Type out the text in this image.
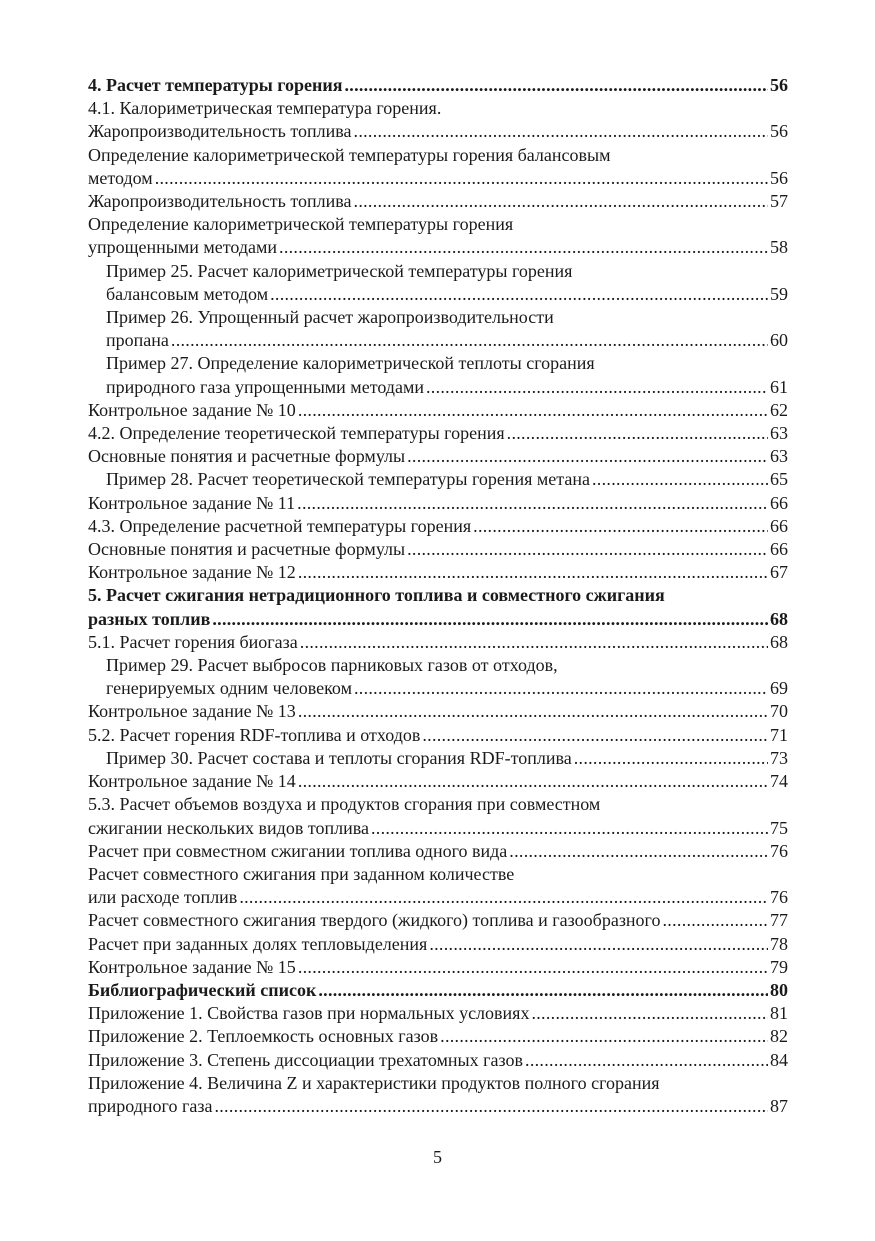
4. Расчет температуры горения .....	56
4.1. Калориметрическая температура горения.
Жаропроизводительность топлива .....	56
Определение калориметрической температуры горения балансовым
методом .....	56
Жаропроизводительность топлива .....	57
Определение калориметрической температуры горения
упрощенными методами .....	58
Пример 25. Расчет калориметрической температуры горения
балансовым методом .....	59
Пример 26. Упрощенный расчет жаропроизводительности
пропана .....	60
Пример 27. Определение калориметрической теплоты сгорания
природного газа упрощенными методами .....	61
Контрольное задание № 10 .....	62
4.2. Определение теоретической температуры горения .....	63
Основные понятия и расчетные формулы .....	63
Пример 28. Расчет теоретической температуры горения метана .....	65
Контрольное задание № 11 .....	66
4.3. Определение расчетной температуры горения .....	66
Основные понятия и расчетные формулы .....	66
Контрольное задание № 12 .....	67
5. Расчет сжигания нетрадиционного топлива и совместного сжигания
разных топлив .....	68
5.1. Расчет горения биогаза .....	68
Пример 29. Расчет выбросов парниковых газов от отходов,
генерируемых одним человеком .....	69
Контрольное задание № 13 .....	70
5.2. Расчет горения RDF-топлива и отходов .....	71
Пример 30. Расчет состава и теплоты сгорания RDF-топлива .....	73
Контрольное задание № 14 .....	74
5.3. Расчет объемов воздуха и продуктов сгорания при совместном
сжигании нескольких видов топлива .....	75
Расчет при совместном сжигании топлива одного вида .....	76
Расчет совместного сжигания при заданном количестве
или расходе топлив .....	76
Расчет совместного сжигания твердого (жидкого) топлива и газообразного .....	77
Расчет при заданных долях тепловыделения .....	78
Контрольное задание № 15 .....	79
Библиографический список .....	80
Приложение 1. Свойства газов при нормальных условиях .....	81
Приложение 2. Теплоемкость основных газов .....	82
Приложение 3. Степень диссоциации трехатомных газов .....	84
Приложение 4. Величина Z и характеристики продуктов полного сгорания
природного газа .....	87
5
